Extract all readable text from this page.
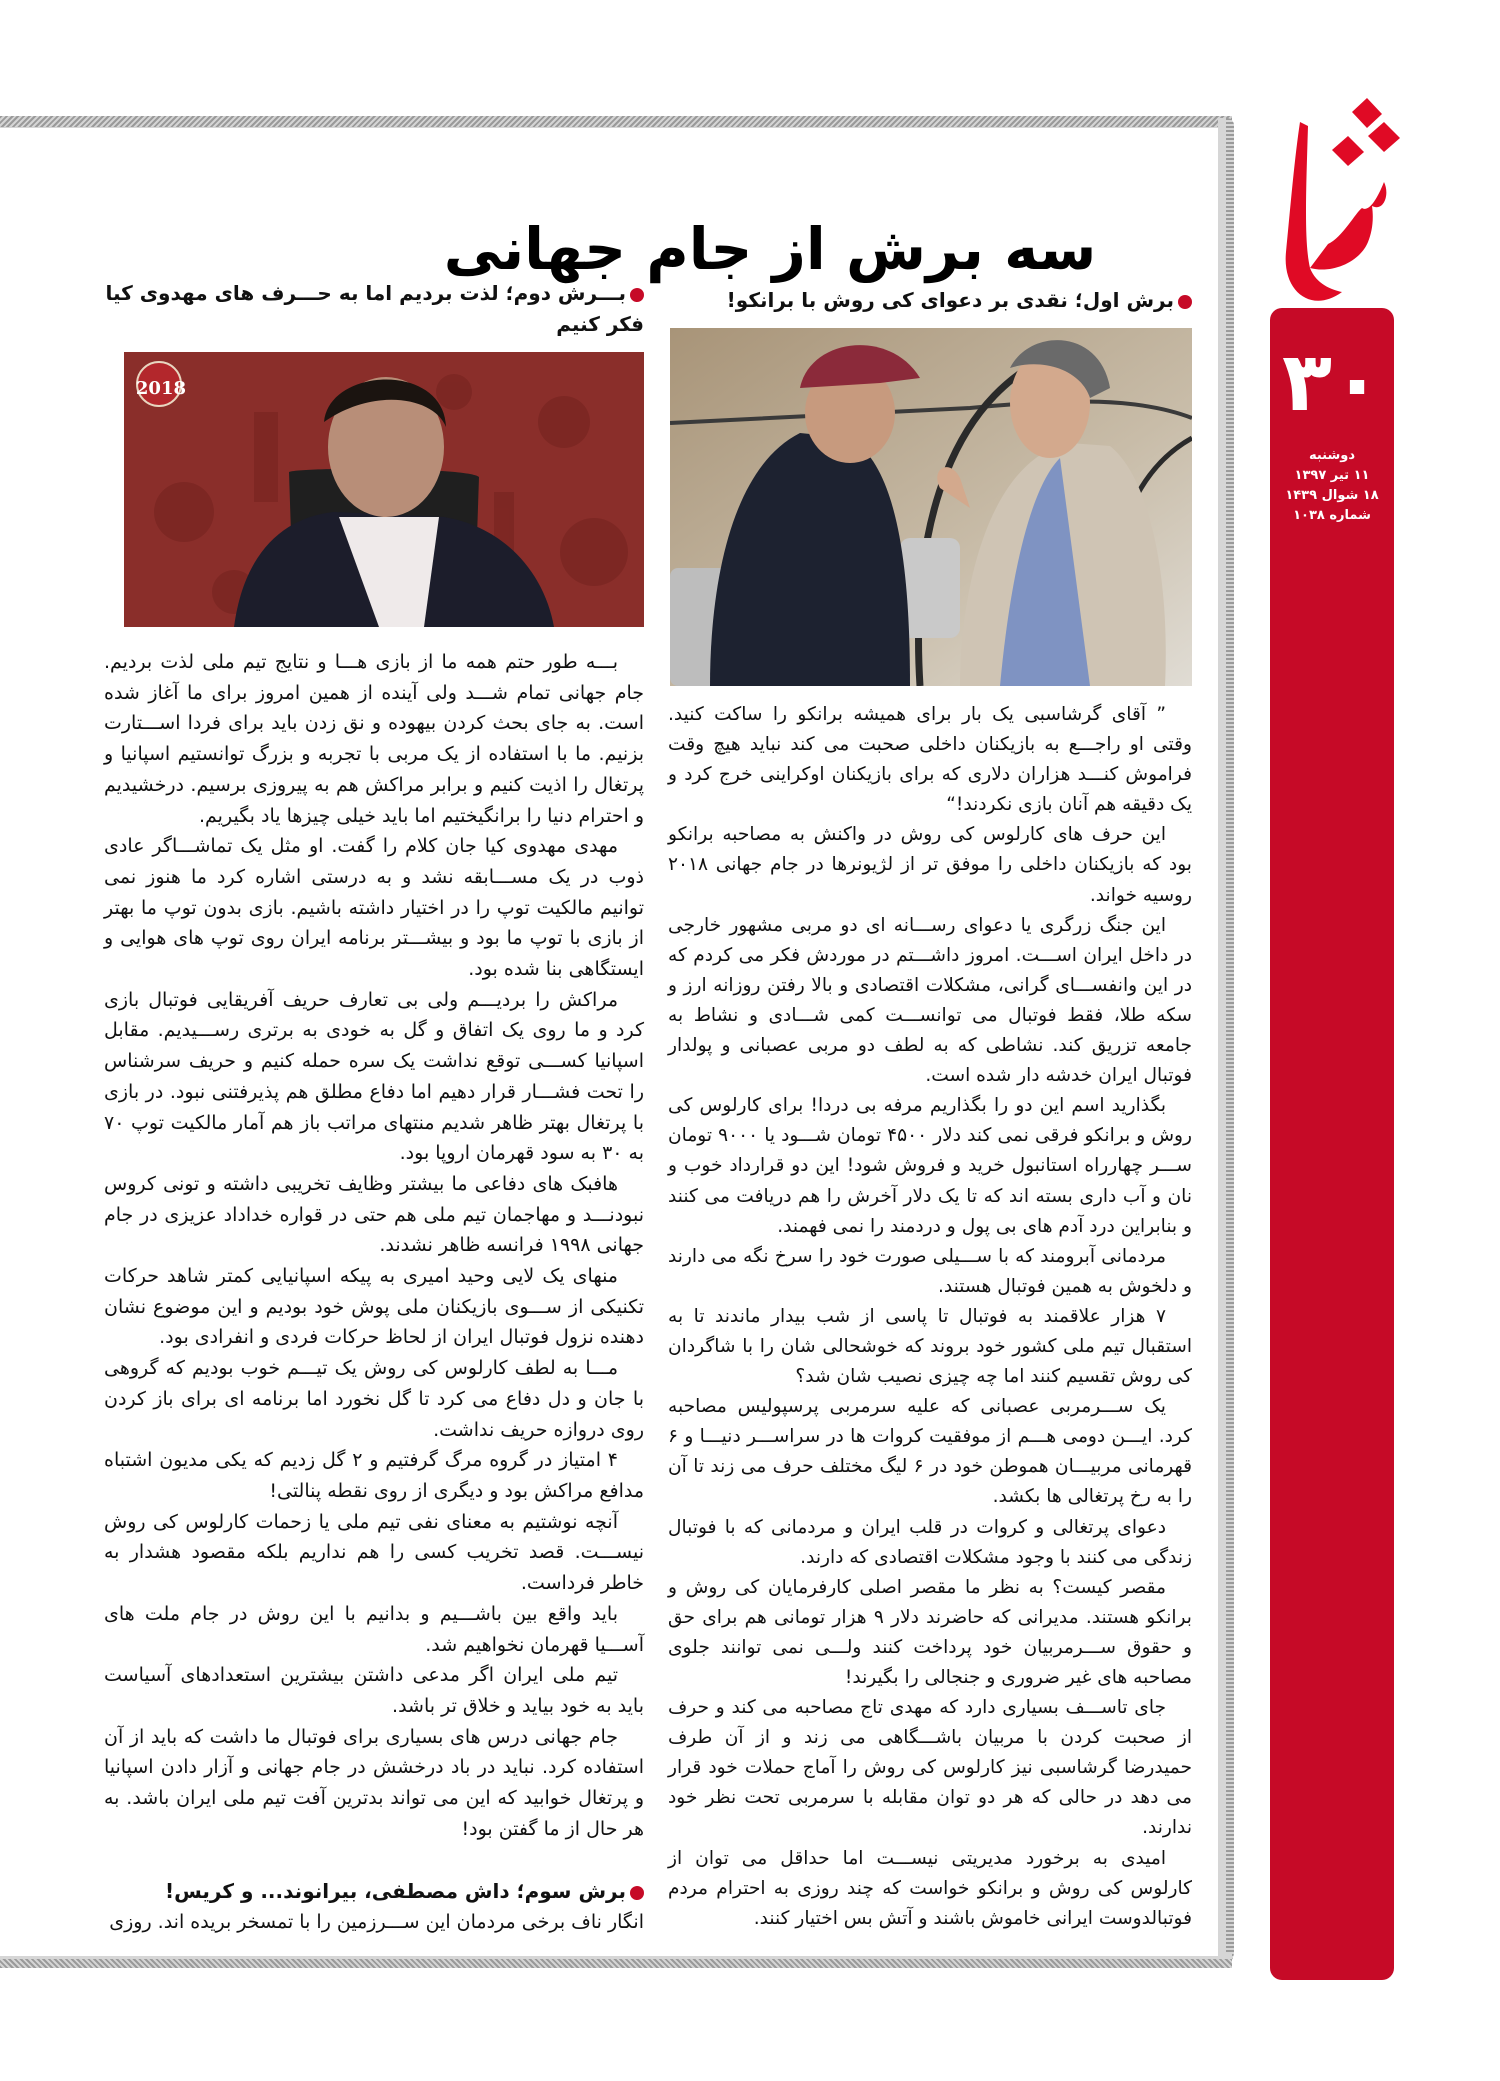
۳۰
دوشنبه
۱۱ تیر ۱۳۹۷
۱۸ شوال ۱۴۳۹
شماره ۱۰۳۸
سه برش از جام جهانی

برش اول؛ نقدی بر دعوای کی روش با برانکو!

” آقای گرشاسبی یک بار برای همیشه برانکو را ساکت کنید. وقتی او راجـــع به بازیکنان داخلی صحبت می کند نباید هیچ وقت فراموش کنـــد هزاران دلاری که برای بازیکنان اوکراینی خرج کرد و یک دقیقه هم آنان بازی نکردند!“

این حرف های کارلوس کی روش در واکنش به مصاحبه برانکو بود که بازیکنان داخلی را موفق تر از لژیونرها در جام جهانی ۲۰۱۸ روسیه خواند.

این جنگ زرگری یا دعوای رســـانه ای دو مربی مشهور خارجی در داخل ایران اســـت. امروز داشـــتم در موردش فکر می کردم که در این وانفســـای گرانی، مشکلات اقتصادی و بالا رفتن روزانه ارز و سکه طلا، فقط فوتبال می توانســـت کمی شـــادی و نشاط به جامعه تزریق کند. نشاطی که به لطف دو مربی عصبانی و پولدار فوتبال ایران خدشه دار شده است.

بگذارید اسم این دو را بگذاریم مرفه بی دردا! برای کارلوس کی روش و برانکو فرقی نمی کند دلار ۴۵۰۰ تومان شـــود یا ۹۰۰۰ تومان ســـر چهارراه استانبول خرید و فروش شود! این دو قرارداد خوب و نان و آب داری بسته اند که تا یک دلار آخرش را هم دریافت می کنند و بنابراین درد آدم های بی پول و دردمند را نمی فهمند.

مردمانی آبرومند که با ســـیلی صورت خود را سرخ نگه می دارند و دلخوش به همین فوتبال هستند.

۷ هزار علاقمند به فوتبال تا پاسی از شب بیدار ماندند تا به استقبال تیم ملی کشور خود بروند که خوشحالی شان را با شاگردان کی روش تقسیم کنند اما چه چیزی نصیب شان شد؟

یک ســـرمربی عصبانی که علیه سرمربی پرسپولیس مصاحبه کرد. ایـــن دومی هـــم از موفقیت کروات ها در سراســـر دنیـــا و ۶ قهرمانی مربیـــان هموطن خود در ۶ لیگ مختلف حرف می زند تا آن را به رخ پرتغالی ها بکشد.

دعوای پرتغالی و کروات در قلب ایران و مردمانی که با فوتبال زندگی می کنند با وجود مشکلات اقتصادی که دارند.

مقصر کیست؟ به نظر ما مقصر اصلی کارفرمایان کی روش و برانکو هستند. مدیرانی که حاضرند دلار ۹ هزار تومانی هم برای حق و حقوق ســـرمربیان خود پرداخت کنند ولـــی نمی توانند جلوی مصاحبه های غیر ضروری و جنجالی را بگیرند!

جای تاســـف بسیاری دارد که مهدی تاج مصاحبه می کند و حرف از صحبت کردن با مربیان باشـــگاهی می زند و از آن طرف حمیدرضا گرشاسبی نیز کارلوس کی روش را آماج حملات خود قرار می دهد در حالی که هر دو توان مقابله با سرمربی تحت نظر خود ندارند.

امیدی به برخورد مدیریتی نیســـت اما حداقل می توان از کارلوس کی روش و برانکو خواست که چند روزی به احترام مردم فوتبالدوست ایرانی خاموش باشند و آتش بس اختیار کنند.

بـــرش دوم؛ لذت بردیم اما به حـــرف های مهدوی کیا فکر کنیم

2018

بـــه طور حتم همه ما از بازی هـــا و نتایج تیم ملی لذت بردیم. جام جهانی تمام شـــد ولی آینده از همین امروز برای ما آغاز شده است. به جای بحث کردن بیهوده و نق زدن باید برای فردا اســـتارت بزنیم. ما با استفاده از یک مربی با تجربه و بزرگ توانستیم اسپانیا و پرتغال را اذیت کنیم و برابر مراکش هم به پیروزی برسیم. درخشیدیم و احترام دنیا را برانگیختیم اما باید خیلی چیزها یاد بگیریم.

مهدی مهدوی کیا جان کلام را گفت. او مثل یک تماشـــاگر عادی ذوب در یک مســـابقه نشد و به درستی اشاره کرد ما هنوز نمی توانیم مالکیت توپ را در اختیار داشته باشیم. بازی بدون توپ ما بهتر از بازی با توپ ما بود و بیشـــتر برنامه ایران روی توپ های هوایی و ایستگاهی بنا شده بود.

مراکش را بردیـــم ولی بی تعارف حریف آفریقایی فوتبال بازی کرد و ما روی یک اتفاق و گل به خودی به برتری رســـیدیم. مقابل اسپانیا کســـی توقع نداشت یک سره حمله کنیم و حریف سرشناس را تحت فشـــار قرار دهیم اما دفاع مطلق هم پذیرفتنی نبود. در بازی با پرتغال بهتر ظاهر شدیم منتهای مراتب باز هم آمار مالکیت توپ ۷۰ به ۳۰ به سود قهرمان اروپا بود.

هافبک های دفاعی ما بیشتر وظایف تخریبی داشته و تونی کروس نبودنـــد و مهاجمان تیم ملی هم حتی در قواره خداداد عزیزی در جام جهانی ۱۹۹۸ فرانسه ظاهر نشدند.

منهای یک لایی وحید امیری به پیکه اسپانیایی کمتر شاهد حرکات تکنیکی از ســـوی بازیکنان ملی پوش خود بودیم و این موضوع نشان دهنده نزول فوتبال ایران از لحاظ حرکات فردی و انفرادی بود.

مـــا به لطف کارلوس کی روش یک تیـــم خوب بودیم که گروهی با جان و دل دفاع می کرد تا گل نخورد اما برنامه ای برای باز کردن روی دروازه حریف نداشت.

۴ امتیاز در گروه مرگ گرفتیم و ۲ گل زدیم که یکی مدیون اشتباه مدافع مراکش بود و دیگری از روی نقطه پنالتی!

آنچه نوشتیم به معنای نفی تیم ملی یا زحمات کارلوس کی روش نیســـت. قصد تخریب کسی را هم نداریم بلکه مقصود هشدار به خاطر فرداست.

باید واقع بین باشـــیم و بدانیم با این روش در جام ملت های آســـیا قهرمان نخواهیم شد.

تیم ملی ایران اگر مدعی داشتن بیشترین استعدادهای آسیاست باید به خود بیاید و خلاق تر باشد.

جام جهانی درس های بسیاری برای فوتبال ما داشت که باید از آن استفاده کرد. نباید در باد درخشش در جام جهانی و آزار دادن اسپانیا و پرتغال خوابید که این می تواند بدترین آفت تیم ملی ایران باشد. به هر حال از ما گفتن بود!

برش سوم؛ داش مصطفی، بیرانوند... و کریس!

انگار ناف برخی مردمان این ســـرزمین را با تمسخر بریده اند. روزی
